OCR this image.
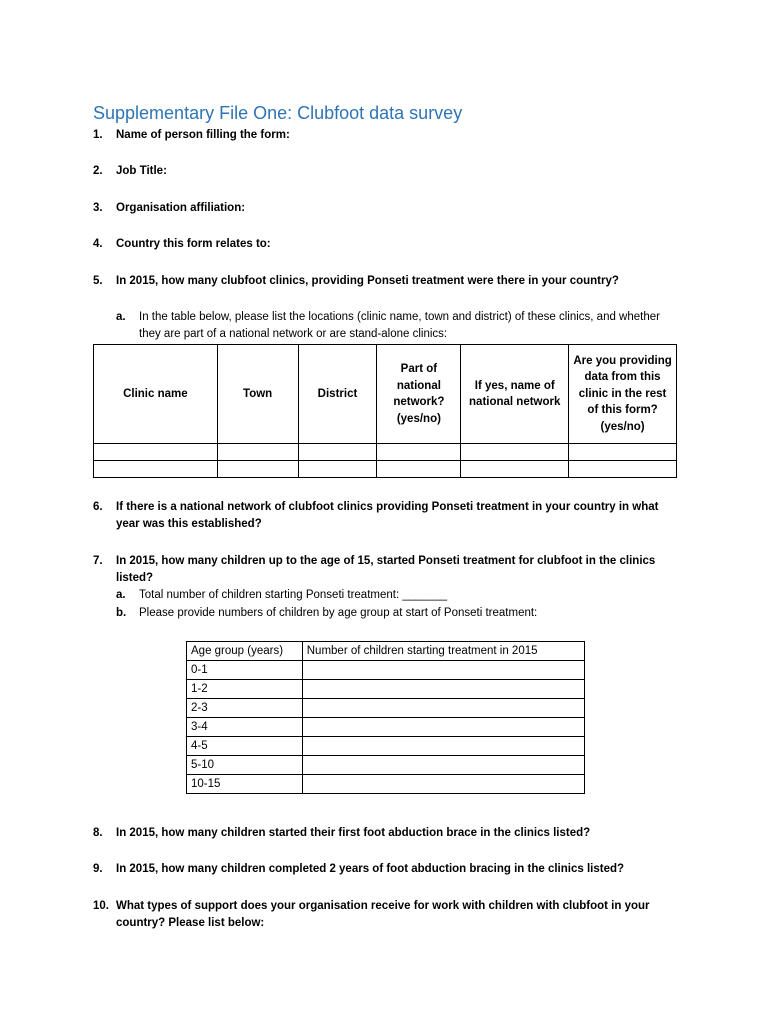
Supplementary File One: Clubfoot data survey
1. Name of person filling the form:
2. Job Title:
3. Organisation affiliation:
4. Country this form relates to:
5. In 2015, how many clubfoot clinics, providing Ponseti treatment were there in your country?
a. In the table below, please list the locations (clinic name, town and district) of these clinics, and whether they are part of a national network or are stand-alone clinics:
Clinic name	Town	District	Part of national network? (yes/no)	If yes, name of national network	Are you providing data from this clinic in the rest of this form? (yes/no)

6. If there is a national network of clubfoot clinics providing Ponseti treatment in your country in what year was this established?
7. In 2015, how many children up to the age of 15, started Ponseti treatment for clubfoot in the clinics listed?
a. Total number of children starting Ponseti treatment: _______
b. Please provide numbers of children by age group at start of Ponseti treatment:
Age group (years)	Number of children starting treatment in 2015
0-1	
1-2	
2-3	
3-4	
4-5	
5-10	
10-15	
8. In 2015, how many children started their first foot abduction brace in the clinics listed?
9. In 2015, how many children completed 2 years of foot abduction bracing in the clinics listed?
10. What types of support does your organisation receive for work with children with clubfoot in your country? Please list below:
